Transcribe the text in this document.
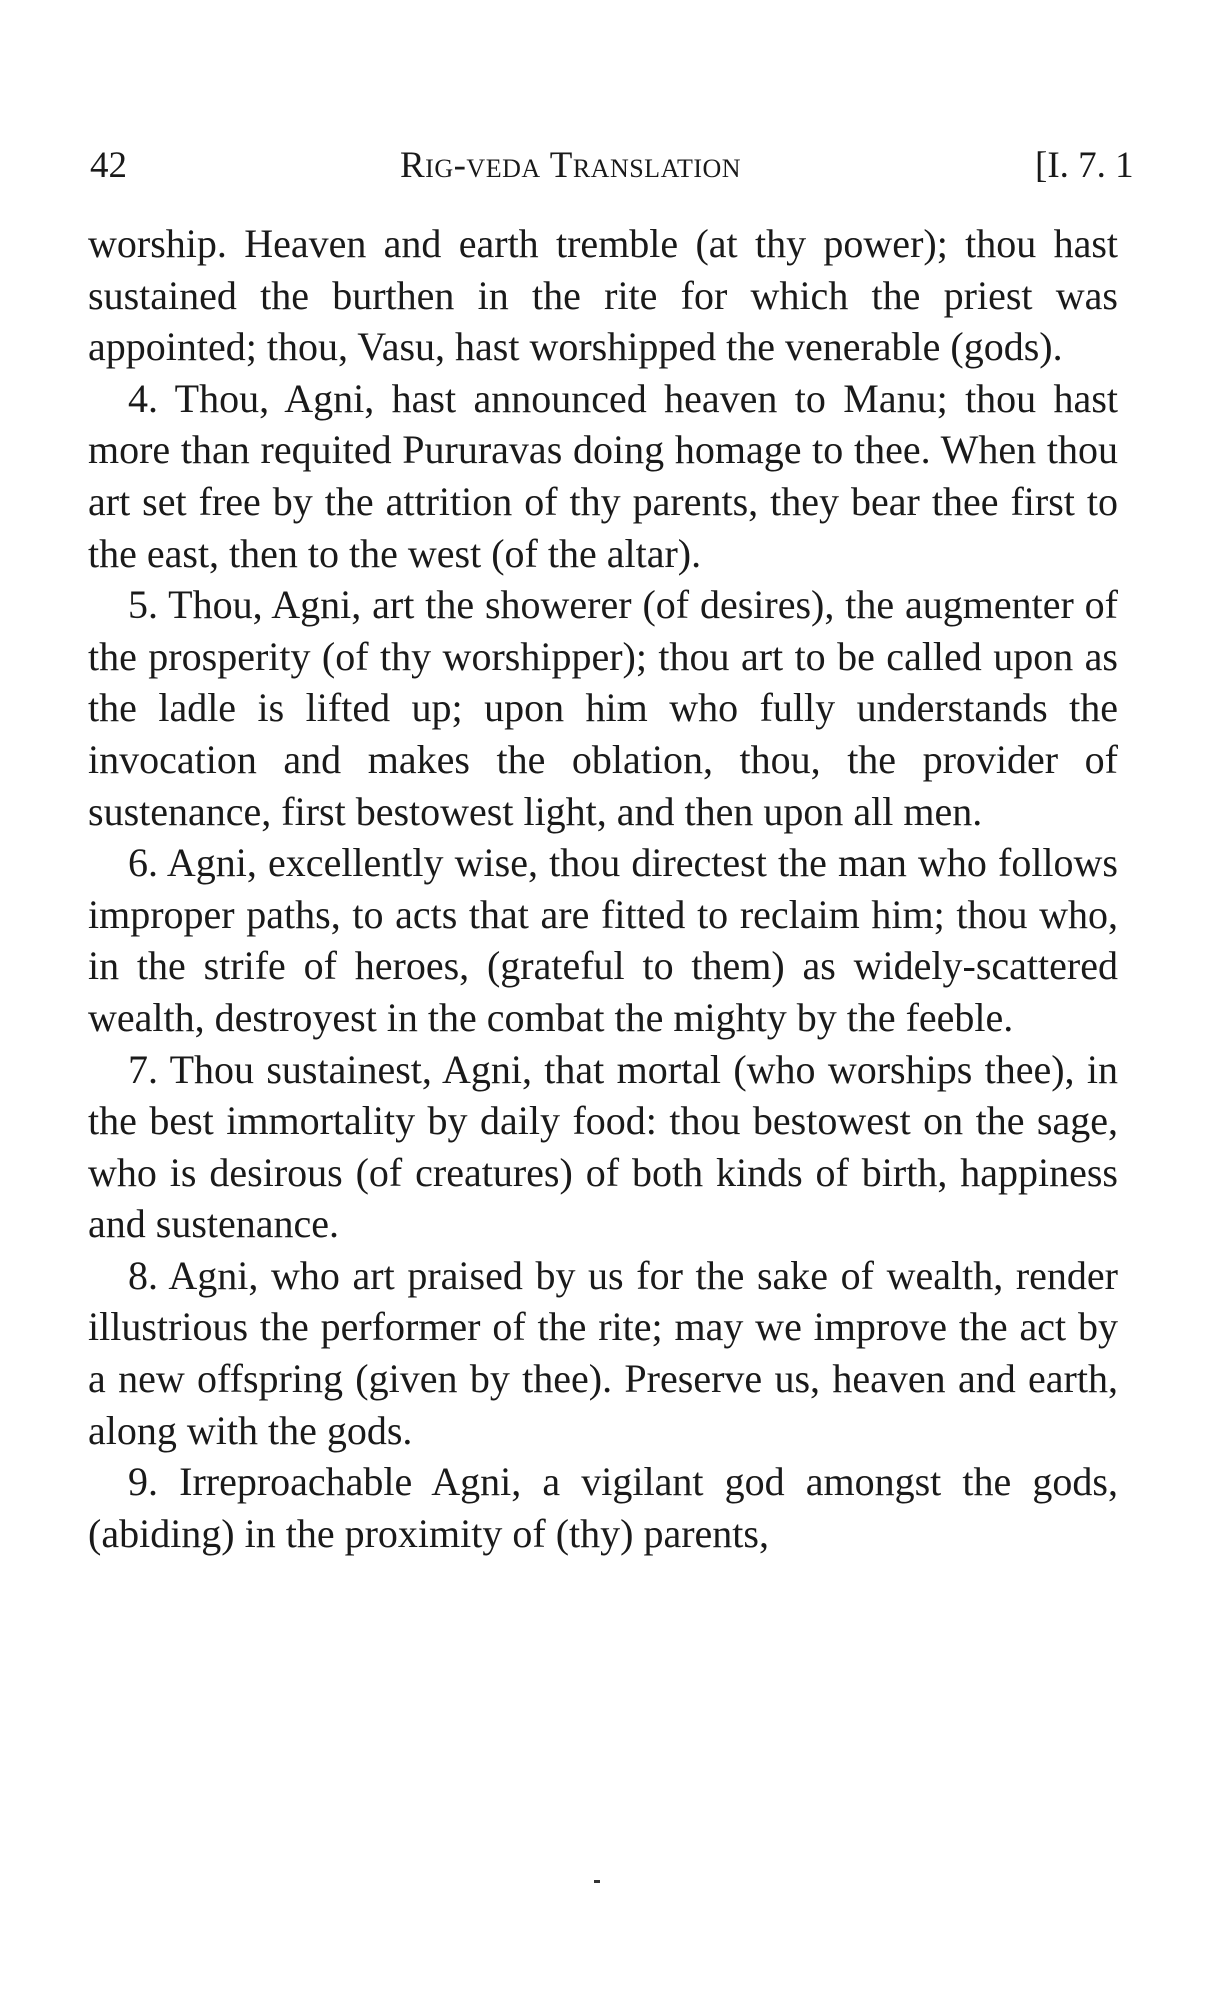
42	Rig-veda Translation	[I. 7. 1

worship. Heaven and earth tremble (at thy power); thou hast sustained the burthen in the rite for which the priest was appointed; thou, Vasu, hast worshipped the venerable (gods).

4. Thou, Agni, hast announced heaven to Manu; thou hast more than requited Pururavas doing homage to thee. When thou art set free by the attrition of thy parents, they bear thee first to the east, then to the west (of the altar).

5. Thou, Agni, art the showerer (of desires), the augmenter of the prosperity (of thy worshipper); thou art to be called upon as the ladle is lifted up; upon him who fully understands the invocation and makes the oblation, thou, the provider of sustenance, first bestowest light, and then upon all men.

6. Agni, excellently wise, thou directest the man who follows improper paths, to acts that are fitted to reclaim him; thou who, in the strife of heroes, (grateful to them) as widely-scattered wealth, destroyest in the combat the mighty by the feeble.

7. Thou sustainest, Agni, that mortal (who worships thee), in the best immortality by daily food: thou bestowest on the sage, who is desirous (of creatures) of both kinds of birth, happiness and sustenance.

8. Agni, who art praised by us for the sake of wealth, render illustrious the performer of the rite; may we improve the act by a new offspring (given by thee). Preserve us, heaven and earth, along with the gods.

9. Irreproachable Agni, a vigilant god amongst the gods, (abiding) in the proximity of (thy) parents,
